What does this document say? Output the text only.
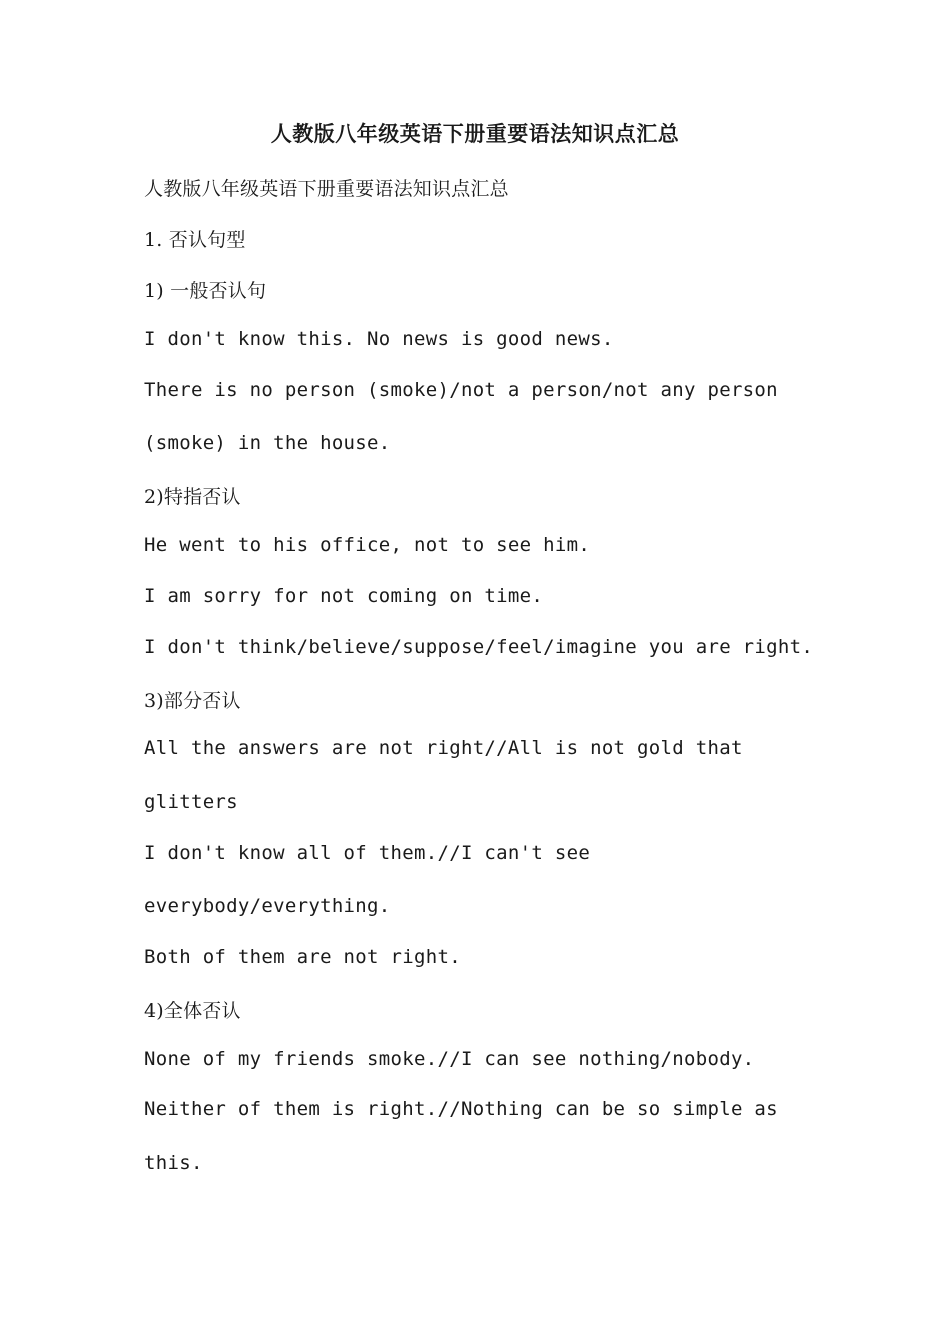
人教版八年级英语下册重要语法知识点汇总
人教版八年级英语下册重要语法知识点汇总
1. 否认句型
1) 一般否认句
I don't know this. No news is good news.
There is no person (smoke)/not a person/not any person
(smoke) in the house.
2)特指否认
He went to his office, not to see him.
I am sorry for not coming on time.
I don't think/believe/suppose/feel/imagine you are right.
3)部分否认
All the answers are not right//All is not gold that
glitters
I don't know all of them.//I can't see
everybody/everything.
Both of them are not right.
4)全体否认
None of my friends smoke.//I can see nothing/nobody.
Neither of them is right.//Nothing can be so simple as
this.
